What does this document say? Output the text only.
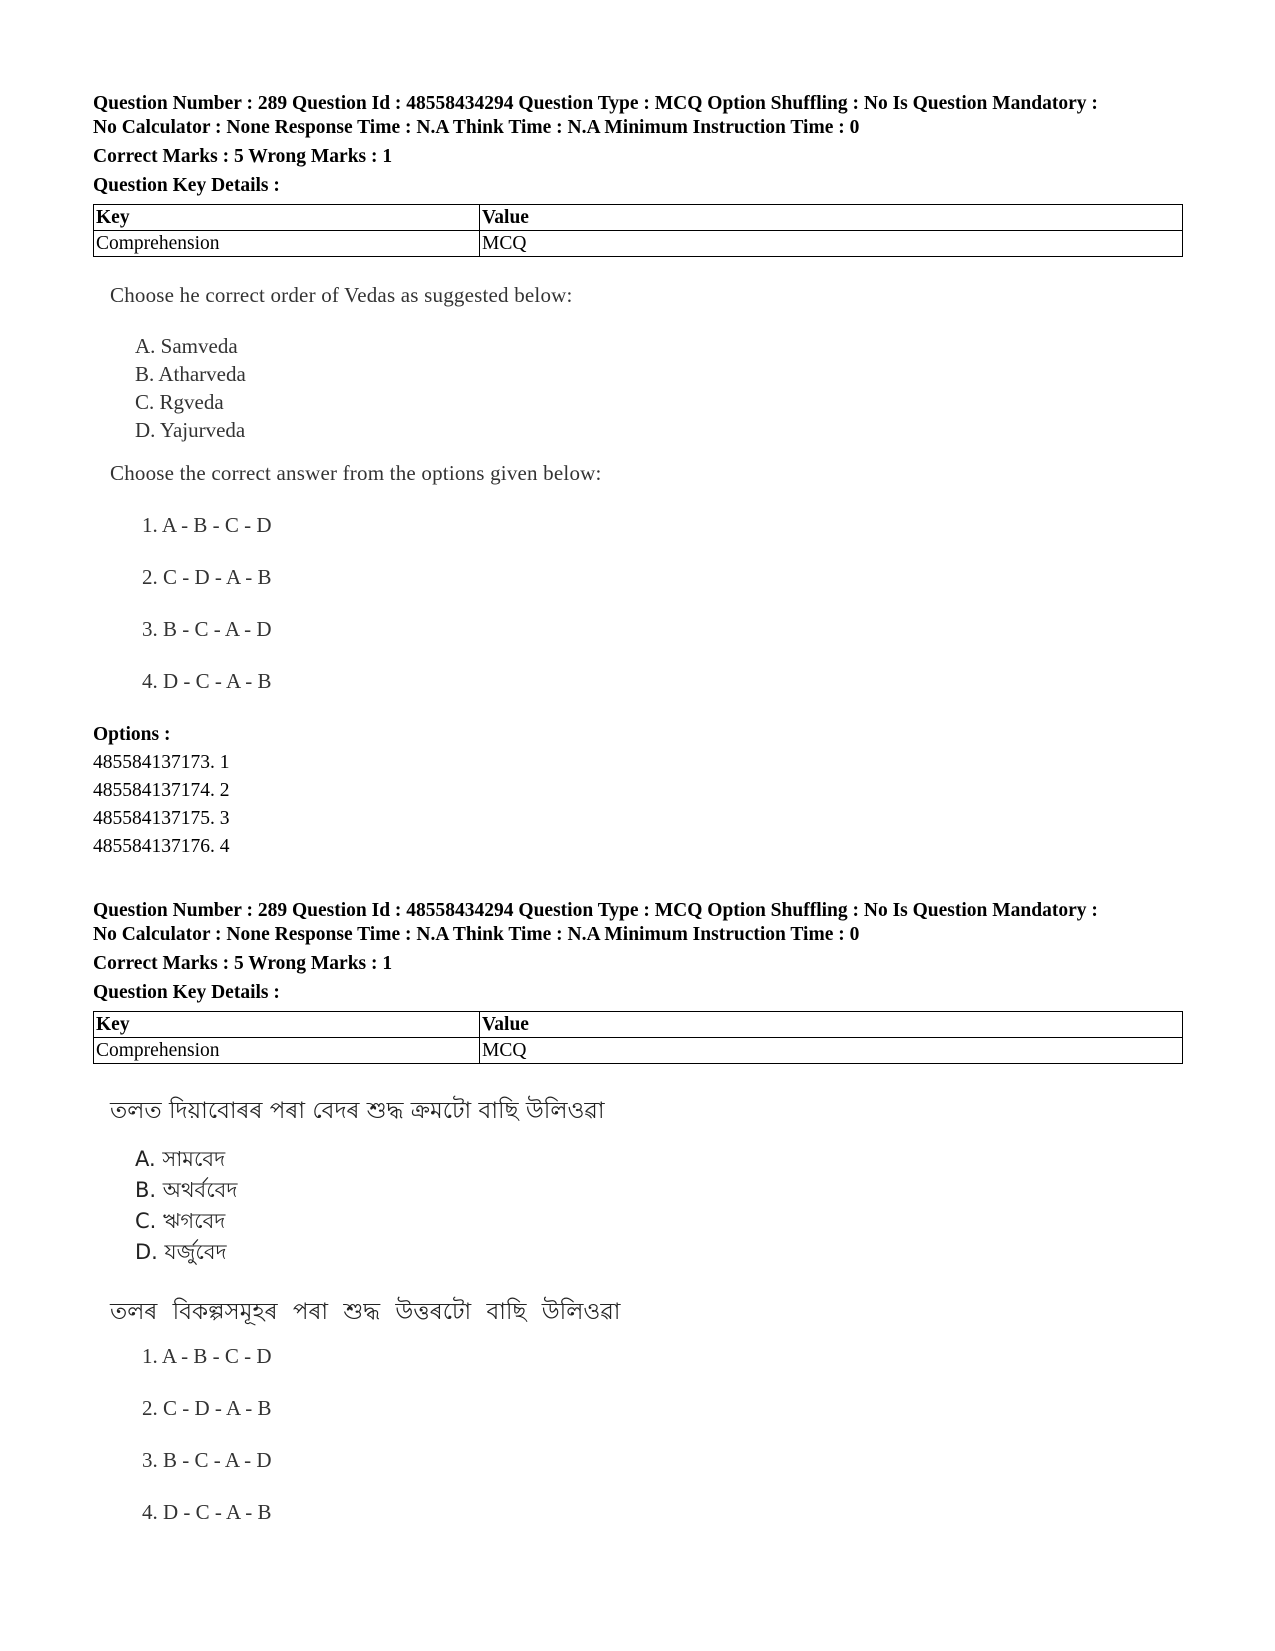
Question Number : 289 Question Id : 48558434294 Question Type : MCQ Option Shuffling : No Is Question Mandatory :
No Calculator : None Response Time : N.A Think Time : N.A Minimum Instruction Time : 0
Correct Marks : 5 Wrong Marks : 1
Question Key Details :
Key	Value
Comprehension	MCQ
Choose he correct order of Vedas as suggested below:
A. Samveda
B. Atharveda
C. Rgveda
D. Yajurveda
Choose the correct answer from the options given below:
1. A - B - C - D
2. C - D - A - B
3. B - C - A - D
4. D - C - A - B
Options :
485584137173. 1
485584137174. 2
485584137175. 3
485584137176. 4
Question Number : 289 Question Id : 48558434294 Question Type : MCQ Option Shuffling : No Is Question Mandatory :
No Calculator : None Response Time : N.A Think Time : N.A Minimum Instruction Time : 0
Correct Marks : 5 Wrong Marks : 1
Question Key Details :
Key	Value
Comprehension	MCQ
তলত দিয়াবোৰৰ পৰা বেদৰ শুদ্ধ ক্রমটো বাছি উলিওৱা
A. সামবেদ
B. অথর্ববেদ
C. ঋগবেদ
D. যর্জুবেদ
তলৰ বিকল্পসমূহৰ পৰা শুদ্ধ উত্তৰটো বাছি উলিওৱা
1. A - B - C - D
2. C - D - A - B
3. B - C - A - D
4. D - C - A - B
